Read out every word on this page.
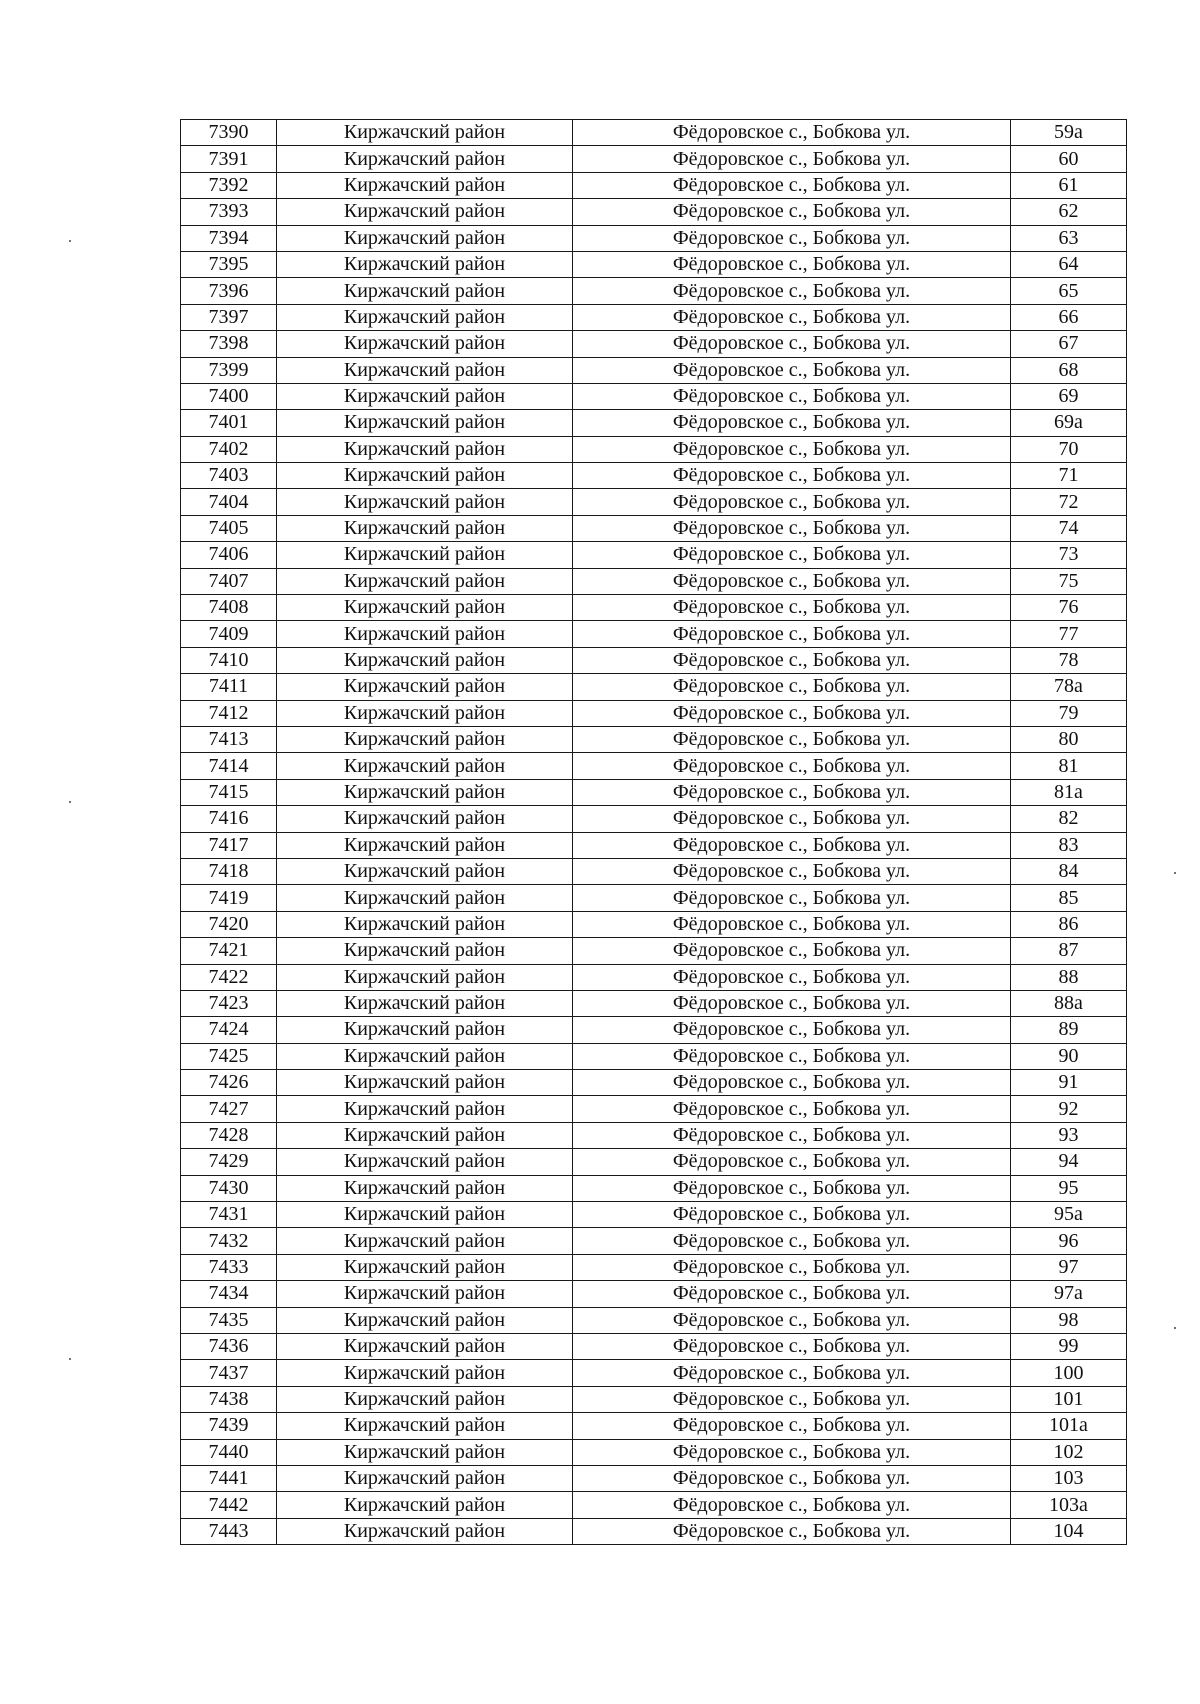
7390	Киржачский район	Фёдоровское с., Бобкова ул.	59а
7391	Киржачский район	Фёдоровское с., Бобкова ул.	60
7392	Киржачский район	Фёдоровское с., Бобкова ул.	61
7393	Киржачский район	Фёдоровское с., Бобкова ул.	62
7394	Киржачский район	Фёдоровское с., Бобкова ул.	63
7395	Киржачский район	Фёдоровское с., Бобкова ул.	64
7396	Киржачский район	Фёдоровское с., Бобкова ул.	65
7397	Киржачский район	Фёдоровское с., Бобкова ул.	66
7398	Киржачский район	Фёдоровское с., Бобкова ул.	67
7399	Киржачский район	Фёдоровское с., Бобкова ул.	68
7400	Киржачский район	Фёдоровское с., Бобкова ул.	69
7401	Киржачский район	Фёдоровское с., Бобкова ул.	69а
7402	Киржачский район	Фёдоровское с., Бобкова ул.	70
7403	Киржачский район	Фёдоровское с., Бобкова ул.	71
7404	Киржачский район	Фёдоровское с., Бобкова ул.	72
7405	Киржачский район	Фёдоровское с., Бобкова ул.	74
7406	Киржачский район	Фёдоровское с., Бобкова ул.	73
7407	Киржачский район	Фёдоровское с., Бобкова ул.	75
7408	Киржачский район	Фёдоровское с., Бобкова ул.	76
7409	Киржачский район	Фёдоровское с., Бобкова ул.	77
7410	Киржачский район	Фёдоровское с., Бобкова ул.	78
7411	Киржачский район	Фёдоровское с., Бобкова ул.	78а
7412	Киржачский район	Фёдоровское с., Бобкова ул.	79
7413	Киржачский район	Фёдоровское с., Бобкова ул.	80
7414	Киржачский район	Фёдоровское с., Бобкова ул.	81
7415	Киржачский район	Фёдоровское с., Бобкова ул.	81а
7416	Киржачский район	Фёдоровское с., Бобкова ул.	82
7417	Киржачский район	Фёдоровское с., Бобкова ул.	83
7418	Киржачский район	Фёдоровское с., Бобкова ул.	84
7419	Киржачский район	Фёдоровское с., Бобкова ул.	85
7420	Киржачский район	Фёдоровское с., Бобкова ул.	86
7421	Киржачский район	Фёдоровское с., Бобкова ул.	87
7422	Киржачский район	Фёдоровское с., Бобкова ул.	88
7423	Киржачский район	Фёдоровское с., Бобкова ул.	88а
7424	Киржачский район	Фёдоровское с., Бобкова ул.	89
7425	Киржачский район	Фёдоровское с., Бобкова ул.	90
7426	Киржачский район	Фёдоровское с., Бобкова ул.	91
7427	Киржачский район	Фёдоровское с., Бобкова ул.	92
7428	Киржачский район	Фёдоровское с., Бобкова ул.	93
7429	Киржачский район	Фёдоровское с., Бобкова ул.	94
7430	Киржачский район	Фёдоровское с., Бобкова ул.	95
7431	Киржачский район	Фёдоровское с., Бобкова ул.	95а
7432	Киржачский район	Фёдоровское с., Бобкова ул.	96
7433	Киржачский район	Фёдоровское с., Бобкова ул.	97
7434	Киржачский район	Фёдоровское с., Бобкова ул.	97а
7435	Киржачский район	Фёдоровское с., Бобкова ул.	98
7436	Киржачский район	Фёдоровское с., Бобкова ул.	99
7437	Киржачский район	Фёдоровское с., Бобкова ул.	100
7438	Киржачский район	Фёдоровское с., Бобкова ул.	101
7439	Киржачский район	Фёдоровское с., Бобкова ул.	101а
7440	Киржачский район	Фёдоровское с., Бобкова ул.	102
7441	Киржачский район	Фёдоровское с., Бобкова ул.	103
7442	Киржачский район	Фёдоровское с., Бобкова ул.	103а
7443	Киржачский район	Фёдоровское с., Бобкова ул.	104
